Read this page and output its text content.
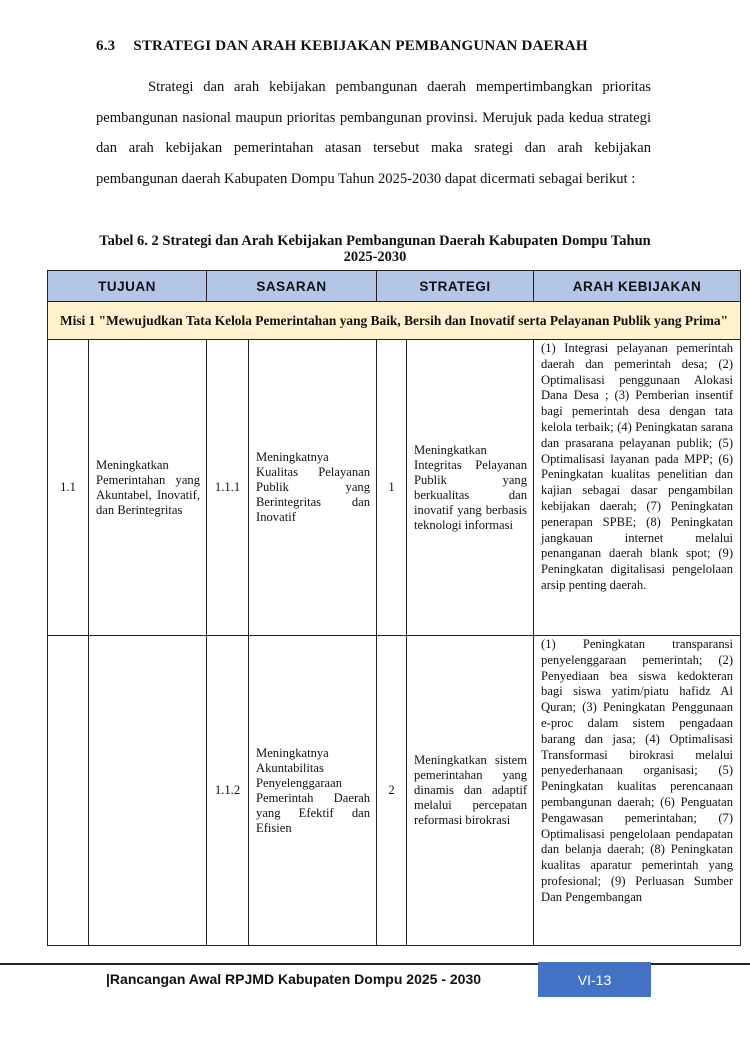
6.3 STRATEGI DAN ARAH KEBIJAKAN PEMBANGUNAN DAERAH

Strategi dan arah kebijakan pembangunan daerah mempertimbangkan prioritas pembangunan nasional maupun prioritas pembangunan provinsi. Merujuk pada kedua strategi dan arah kebijakan pemerintahan atasan tersebut maka srategi dan arah kebijakan pembangunan daerah Kabupaten Dompu Tahun 2025-2030 dapat dicermati sebagai berikut :

Tabel 6. 2 Strategi dan Arah Kebijakan Pembangunan Daerah Kabupaten Dompu Tahun 2025-2030
TUJUAN		SASARAN		STRATEGI		ARAH KEBIJAKAN
Misi 1 "Mewujudkan Tata Kelola Pemerintahan yang Baik, Bersih dan Inovatif serta Pelayanan Publik yang Prima"						
1.1	Meningkatkan Pemerintahan yang Akuntabel, Inovatif, dan Berintegritas	1.1.1	Meningkatnya Kualitas Pelayanan Publik yang Berintegritas dan Inovatif	1	Meningkatkan Integritas Pelayanan Publik yang berkualitas dan inovatif yang berbasis teknologi informasi	(1) Integrasi pelayanan pemerintah daerah dan pemerintah desa; (2) Optimalisasi penggunaan Alokasi Dana Desa ; (3) Pemberian insentif bagi pemerintah desa dengan tata kelola terbaik; (4) Peningkatan sarana dan prasarana pelayanan publik; (5) Optimalisasi layanan pada MPP; (6) Peningkatan kualitas penelitian dan kajian sebagai dasar pengambilan kebijakan daerah; (7) Peningkatan penerapan SPBE; (8) Peningkatan jangkauan internet melalui penanganan daerah blank spot; (9) Peningkatan digitalisasi pengelolaan arsip penting daerah.
		1.1.2	Meningkatnya Akuntabilitas Penyelenggaraan Pemerintah Daerah yang Efektif dan Efisien	2	Meningkatkan sistem pemerintahan yang dinamis dan adaptif melalui percepatan reformasi birokrasi	(1) Peningkatan transparansi penyelenggaraan pemerintah; (2) Penyediaan bea siswa kedokteran bagi siswa yatim/piatu hafidz Al Quran; (3) Peningkatan Penggunaan e-proc dalam sistem pengadaan barang dan jasa; (4) Optimalisasi Transformasi birokrasi melalui penyederhanaan organisasi; (5) Peningkatan kualitas perencanaan pembangunan daerah; (6) Penguatan Pengawasan pemerintahan; (7) Optimalisasi pengelolaan pendapatan dan belanja daerah; (8) Peningkatan kualitas aparatur pemerintah yang profesional; (9) Perluasan Sumber Dan Pengembangan
|Rancangan Awal RPJMD Kabupaten Dompu 2025 - 2030	VI-13
